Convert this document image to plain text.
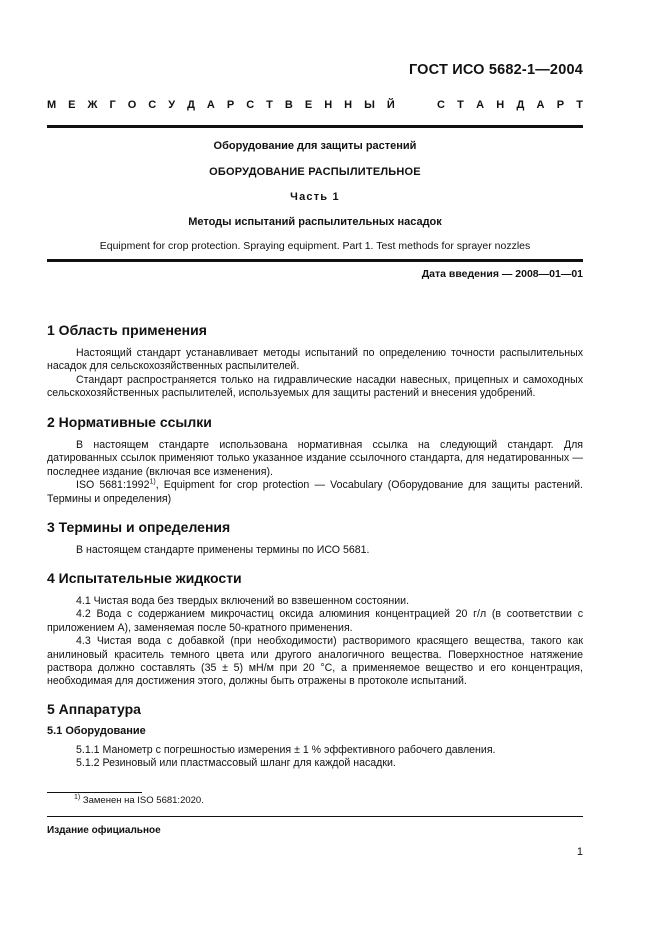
ГОСТ ИСО 5682-1—2004
М Е Ж Г О С У Д А Р С Т В Е Н Н Ы Й	С Т А Н Д А Р Т
Оборудование для защиты растений
ОБОРУДОВАНИЕ РАСПЫЛИТЕЛЬНОЕ
Часть 1
Методы испытаний распылительных насадок
Equipment for crop protection. Spraying equipment. Part 1. Test methods for sprayer nozzles
Дата введения — 2008—01—01
1 Область применения

Настоящий стандарт устанавливает методы испытаний по определению точности распылительных насадок для сельскохозяйственных распылителей.

Стандарт распространяется только на гидравлические насадки навесных, прицепных и самоходных сельскохозяйственных распылителей, используемых для защиты растений и внесения удобрений.

2 Нормативные ссылки

В настоящем стандарте использована нормативная ссылка на следующий стандарт. Для датированных ссылок применяют только указанное издание ссылочного стандарта, для недатированных — последнее издание (включая все изменения).

ISO 5681:1992$^{1)}$, Equipment for crop protection — Vocabulary (Оборудование для защиты растений. Термины и определения)

3 Термины и определения

В настоящем стандарте применены термины по ИСО 5681.

4 Испытательные жидкости

4.1 Чистая вода без твердых включений во взвешенном состоянии.

4.2 Вода с содержанием микрочастиц оксида алюминия концентрацией 20 г/л (в соответствии с приложением А), заменяемая после 50-кратного применения.

4.3 Чистая вода с добавкой (при необходимости) растворимого красящего вещества, такого как анилиновый краситель темного цвета или другого аналогичного вещества. Поверхностное натяжение раствора должно составлять (35 ± 5) мН/м при 20 °С, а применяемое вещество и его концентрация, необходимая для достижения этого, должны быть отражены в протоколе испытаний.

5 Аппаратура
5.1 Оборудование

5.1.1 Манометр с погрешностью измерения ± 1 % эффективного рабочего давления.

5.1.2 Резиновый или пластмассовый шланг для каждой насадки.

$^{1)}$ Заменен на ISO 5681:2020.
Издание официальное
1
